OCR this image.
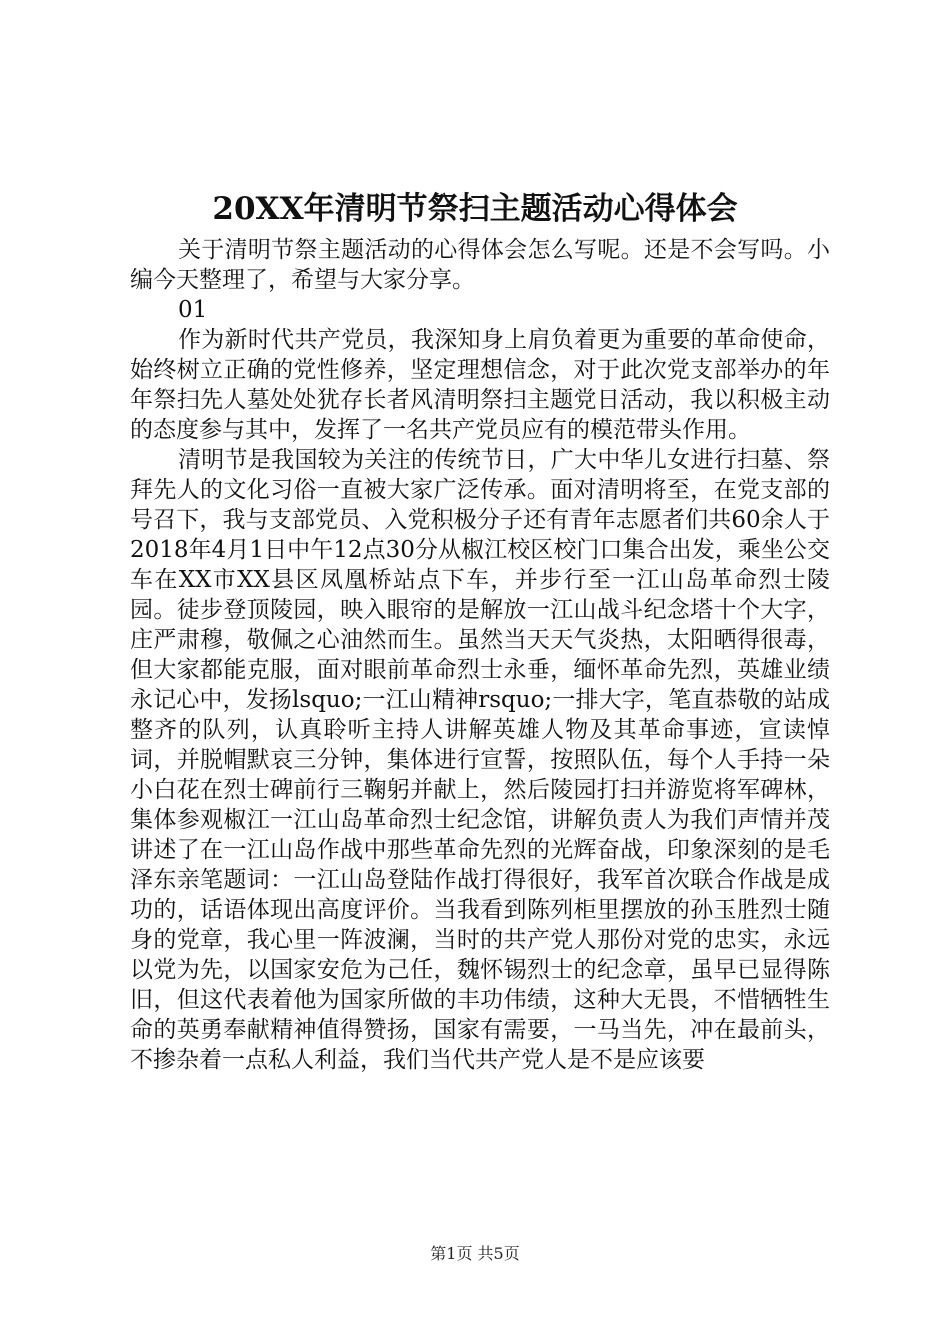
20XX年清明节祭扫主题活动心得体会

关于清明节祭主题活动的心得体会怎么写呢。还是不会写吗。小编今天整理了，希望与大家分享。

01

作为新时代共产党员，我深知身上肩负着更为重要的革命使命，始终树立正确的党性修养，坚定理想信念，对于此次党支部举办的年年祭扫先人墓处处犹存长者风清明祭扫主题党日活动，我以积极主动的态度参与其中，发挥了一名共产党员应有的模范带头作用。

清明节是我国较为关注的传统节日，广大中华儿女进行扫墓、祭拜先人的文化习俗一直被大家广泛传承。面对清明将至，在党支部的号召下，我与支部党员、入党积极分子还有青年志愿者们共60余人于2018年4月1日中午12点30分从椒江校区校门口集合出发，乘坐公交车在XX市XX县区凤凰桥站点下车，并步行至一江山岛革命烈士陵园。徒步登顶陵园，映入眼帘的是解放一江山战斗纪念塔十个大字，庄严肃穆，敬佩之心油然而生。虽然当天天气炎热，太阳晒得很毒，但大家都能克服，面对眼前革命烈士永垂，缅怀革命先烈，英雄业绩永记心中，发扬lsquo;一江山精神rsquo;一排大字，笔直恭敬的站成整齐的队列，认真聆听主持人讲解英雄人物及其革命事迹，宣读悼词，并脱帽默哀三分钟，集体进行宣誓，按照队伍，每个人手持一朵小白花在烈士碑前行三鞠躬并献上，然后陵园打扫并游览将军碑林，集体参观椒江一江山岛革命烈士纪念馆，讲解负责人为我们声情并茂讲述了在一江山岛作战中那些革命先烈的光辉奋战，印象深刻的是毛泽东亲笔题词：一江山岛登陆作战打得很好，我军首次联合作战是成功的，话语体现出高度评价。当我看到陈列柜里摆放的孙玉胜烈士随身的党章，我心里一阵波澜，当时的共产党人那份对党的忠实，永远以党为先，以国家安危为己任，魏怀锡烈士的纪念章，虽早已显得陈旧，但这代表着他为国家所做的丰功伟绩，这种大无畏，不惜牺牲生命的英勇奉献精神值得赞扬，国家有需要，一马当先，冲在最前头，不掺杂着一点私人利益，我们当代共产党人是不是应该要

第1页 共5页
